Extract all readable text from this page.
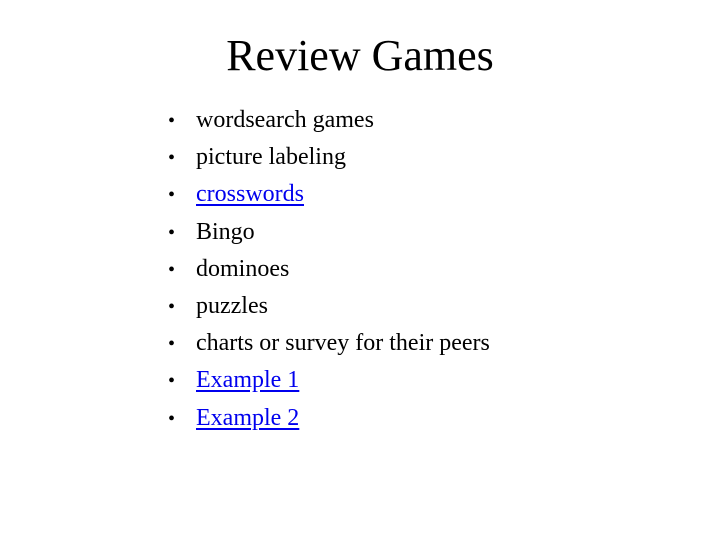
Review Games
• wordsearch games
• picture labeling
• crosswords
• Bingo
• dominoes
• puzzles
• charts or survey for their peers
• Example 1
• Example 2
